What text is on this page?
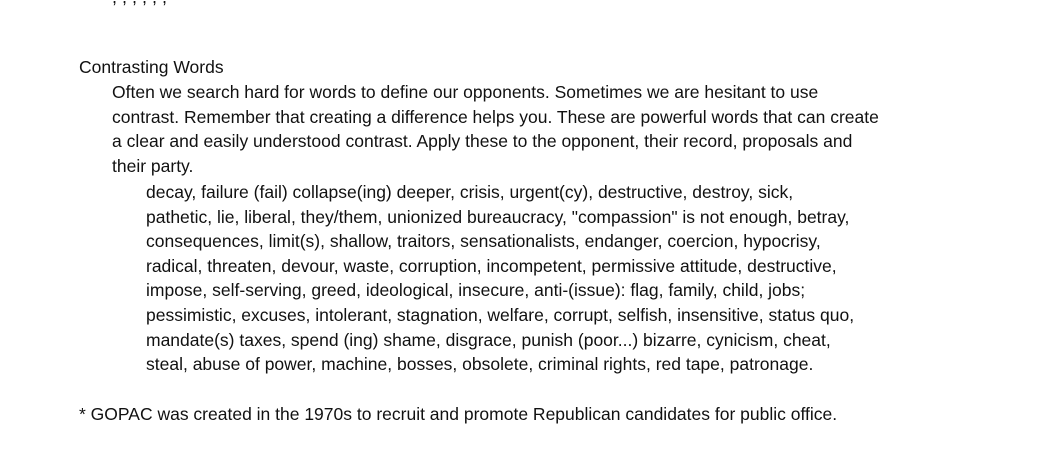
Contrasting Words
Often we search hard for words to define our opponents. Sometimes we are hesitant to use
contrast. Remember that creating a difference helps you. These are powerful words that can create
a clear and easily understood contrast. Apply these to the opponent, their record, proposals and
their party.
decay, failure (fail) collapse(ing) deeper, crisis, urgent(cy), destructive, destroy, sick,
pathetic, lie, liberal, they/them, unionized bureaucracy, "compassion" is not enough, betray,
consequences, limit(s), shallow, traitors, sensationalists, endanger, coercion, hypocrisy,
radical, threaten, devour, waste, corruption, incompetent, permissive attitude, destructive,
impose, self-serving, greed, ideological, insecure, anti-(issue): flag, family, child, jobs;
pessimistic, excuses, intolerant, stagnation, welfare, corrupt, selfish, insensitive, status quo,
mandate(s) taxes, spend (ing) shame, disgrace, punish (poor...) bizarre, cynicism, cheat,
steal, abuse of power, machine, bosses, obsolete, criminal rights, red tape, patronage.
* GOPAC was created in the 1970s to recruit and promote Republican candidates for public office.
